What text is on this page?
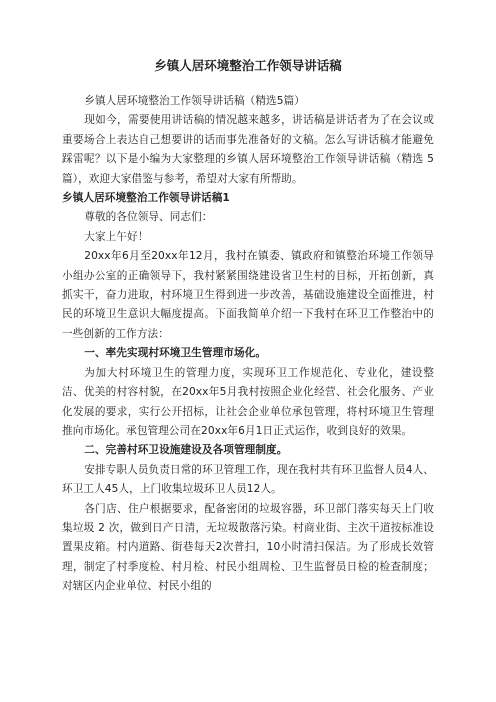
乡镇人居环境整治工作领导讲话稿

乡镇人居环境整治工作领导讲话稿（精选5篇）

现如今，需要使用讲话稿的情况越来越多，讲话稿是讲话者为了在会议或重要场合上表达自己想要讲的话而事先准备好的文稿。怎么写讲话稿才能避免踩雷呢？以下是小编为大家整理的乡镇人居环境整治工作领导讲话稿（精选 5 篇），欢迎大家借鉴与参考，希望对大家有所帮助。

乡镇人居环境整治工作领导讲话稿1

尊敬的各位领导、同志们：

大家上午好！

20xx年6月至20xx年12月，我村在镇委、镇政府和镇整治环境工作领导小组办公室的正确领导下，我村紧紧围绕建设省卫生村的目标，开拓创新，真抓实干，奋力进取，村环境卫生得到进一步改善，基础设施建设全面推进，村民的环境卫生意识大幅度提高。下面我简单介绍一下我村在环卫工作整治中的一些创新的工作方法：

一、率先实现村环境卫生管理市场化。

为加大村环境卫生的管理力度，实现环卫工作规范化、专业化，建设整洁、优美的村容村貌，在20xx年5月我村按照企业化经营、社会化服务、产业化发展的要求，实行公开招标，让社会企业单位承包管理，将村环境卫生管理推向市场化。承包管理公司在20xx年6月1日正式运作，收到良好的效果。

二、完善村环卫设施建设及各项管理制度。

安排专职人员负责日常的环卫管理工作，现在我村共有环卫监督人员4人、环卫工人45人，上门收集垃圾环卫人员12人。

各门店、住户根据要求，配备密闭的垃圾容器，环卫部门落实每天上门收集垃圾 2 次，做到日产日清，无垃圾散落污染。村商业街、主次干道按标准设置果皮箱。村内道路、街巷每天2次普扫，10小时清扫保洁。为了形成长效管理，制定了村季度检、村月检、村民小组周检、卫生监督员日检的检查制度；对辖区内企业单位、村民小组的
